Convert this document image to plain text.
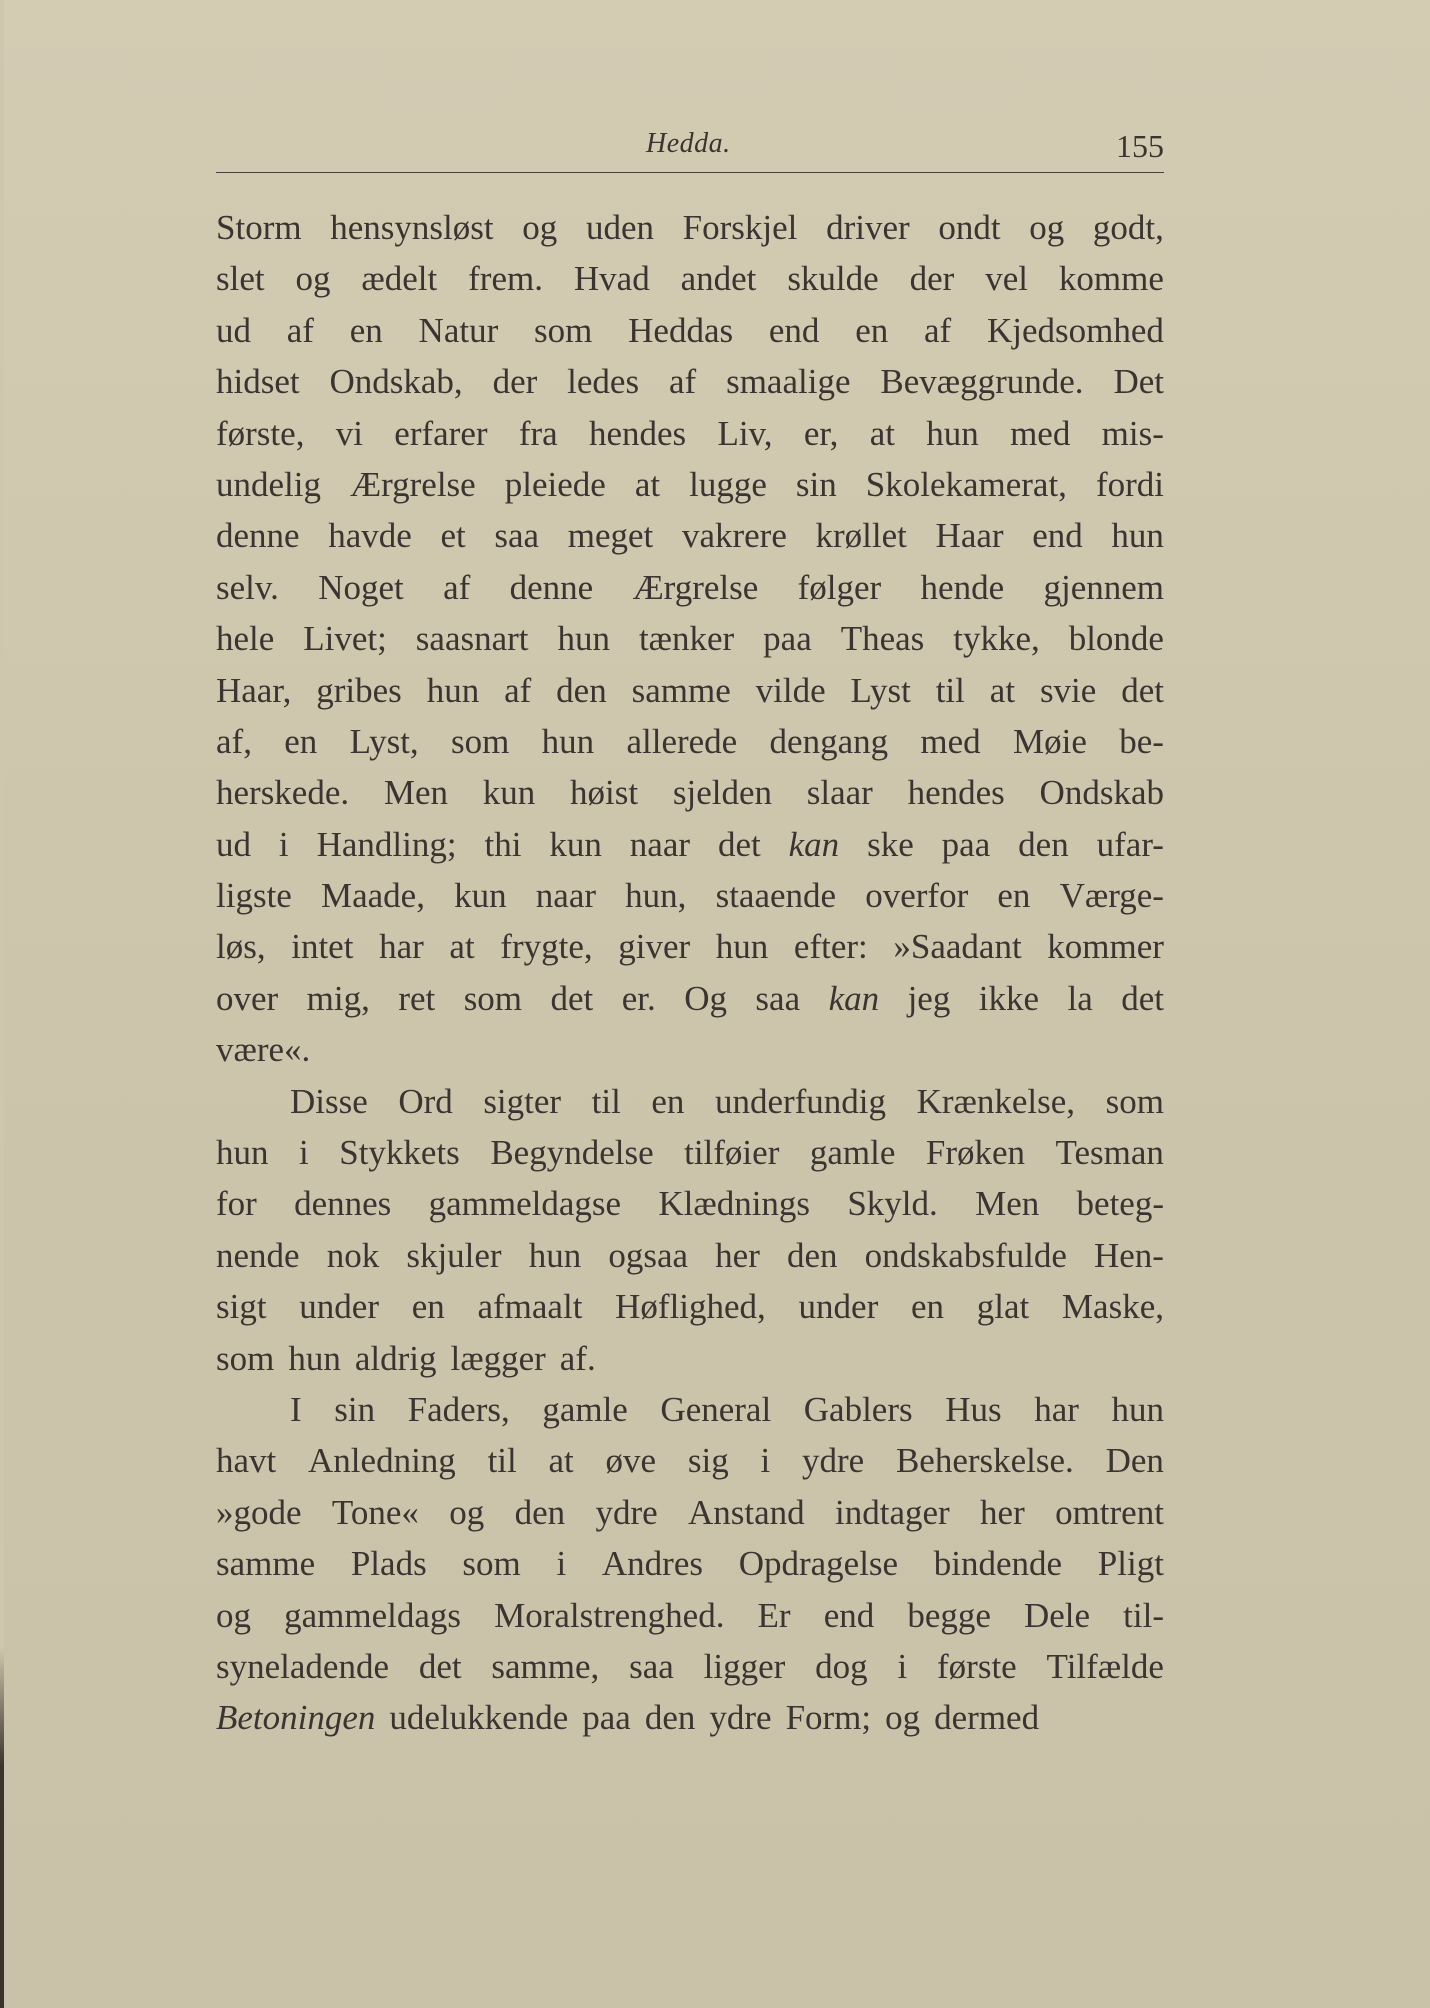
Hedda.	155
Storm hensynsløst og uden Forskjel driver ondt og godt,
slet og ædelt frem. Hvad andet skulde der vel komme
ud af en Natur som Heddas end en af Kjedsomhed
hidset Ondskab, der ledes af smaalige Bevæggrunde. Det
første, vi erfarer fra hendes Liv, er, at hun med mis-
undelig Ærgrelse pleiede at lugge sin Skolekamerat, fordi
denne havde et saa meget vakrere krøllet Haar end hun
selv. Noget af denne Ærgrelse følger hende gjennem
hele Livet; saasnart hun tænker paa Theas tykke, blonde
Haar, gribes hun af den samme vilde Lyst til at svie det
af, en Lyst, som hun allerede dengang med Møie be-
herskede. Men kun høist sjelden slaar hendes Ondskab
ud i Handling; thi kun naar det kan ske paa den ufar-
ligste Maade, kun naar hun, staaende overfor en Værge-
løs, intet har at frygte, giver hun efter: »Saadant kommer
over mig, ret som det er. Og saa kan jeg ikke la det
være«.
Disse Ord sigter til en underfundig Krænkelse, som
hun i Stykkets Begyndelse tilføier gamle Frøken Tesman
for dennes gammeldagse Klædnings Skyld. Men beteg-
nende nok skjuler hun ogsaa her den ondskabsfulde Hen-
sigt under en afmaalt Høflighed, under en glat Maske,
som hun aldrig lægger af.
I sin Faders, gamle General Gablers Hus har hun
havt Anledning til at øve sig i ydre Beherskelse. Den
»gode Tone« og den ydre Anstand indtager her omtrent
samme Plads som i Andres Opdragelse bindende Pligt
og gammeldags Moralstrenghed. Er end begge Dele til-
syneladende det samme, saa ligger dog i første Tilfælde
Betoningen udelukkende paa den ydre Form; og dermed
